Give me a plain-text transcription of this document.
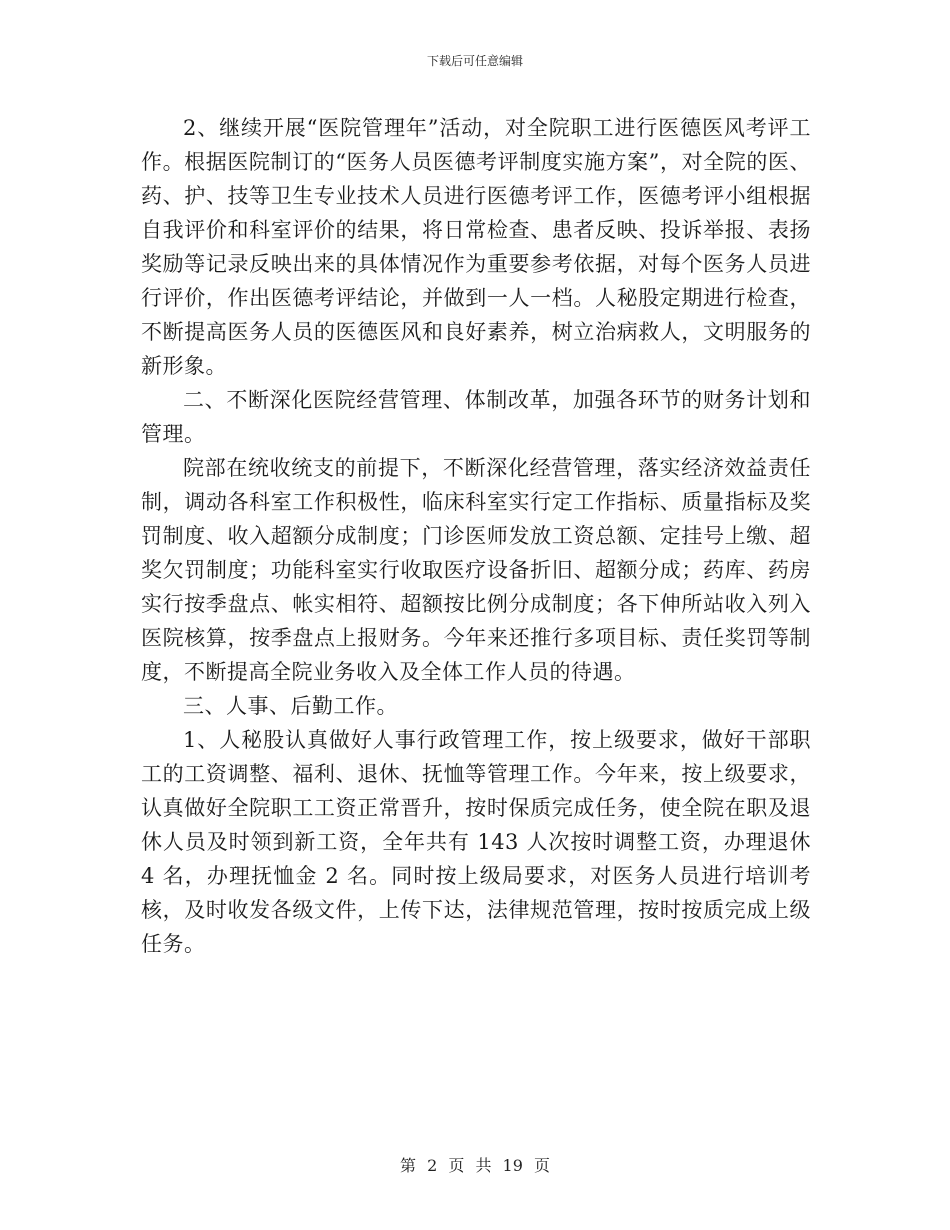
下载后可任意编辑

2、继续开展“医院管理年”活动，对全院职工进行医德医风考评工作。根据医院制订的“医务人员医德考评制度实施方案”，对全院的医、药、护、技等卫生专业技术人员进行医德考评工作，医德考评小组根据自我评价和科室评价的结果，将日常检查、患者反映、投诉举报、表扬奖励等记录反映出来的具体情况作为重要参考依据，对每个医务人员进行评价，作出医德考评结论，并做到一人一档。人秘股定期进行检查，不断提高医务人员的医德医风和良好素养，树立治病救人，文明服务的新形象。

二、不断深化医院经营管理、体制改革，加强各环节的财务计划和管理。

院部在统收统支的前提下，不断深化经营管理，落实经济效益责任制，调动各科室工作积极性，临床科室实行定工作指标、质量指标及奖罚制度、收入超额分成制度；门诊医师发放工资总额、定挂号上缴、超奖欠罚制度；功能科室实行收取医疗设备折旧、超额分成；药库、药房实行按季盘点、帐实相符、超额按比例分成制度；各下伸所站收入列入医院核算，按季盘点上报财务。今年来还推行多项目标、责任奖罚等制度，不断提高全院业务收入及全体工作人员的待遇。

三、人事、后勤工作。

1、人秘股认真做好人事行政管理工作，按上级要求，做好干部职工的工资调整、福利、退休、抚恤等管理工作。今年来，按上级要求，认真做好全院职工工资正常晋升，按时保质完成任务，使全院在职及退休人员及时领到新工资，全年共有 143 人次按时调整工资，办理退休 4 名，办理抚恤金 2 名。同时按上级局要求，对医务人员进行培训考核，及时收发各级文件，上传下达，法律规范管理，按时按质完成上级任务。

第 2 页 共 19 页
